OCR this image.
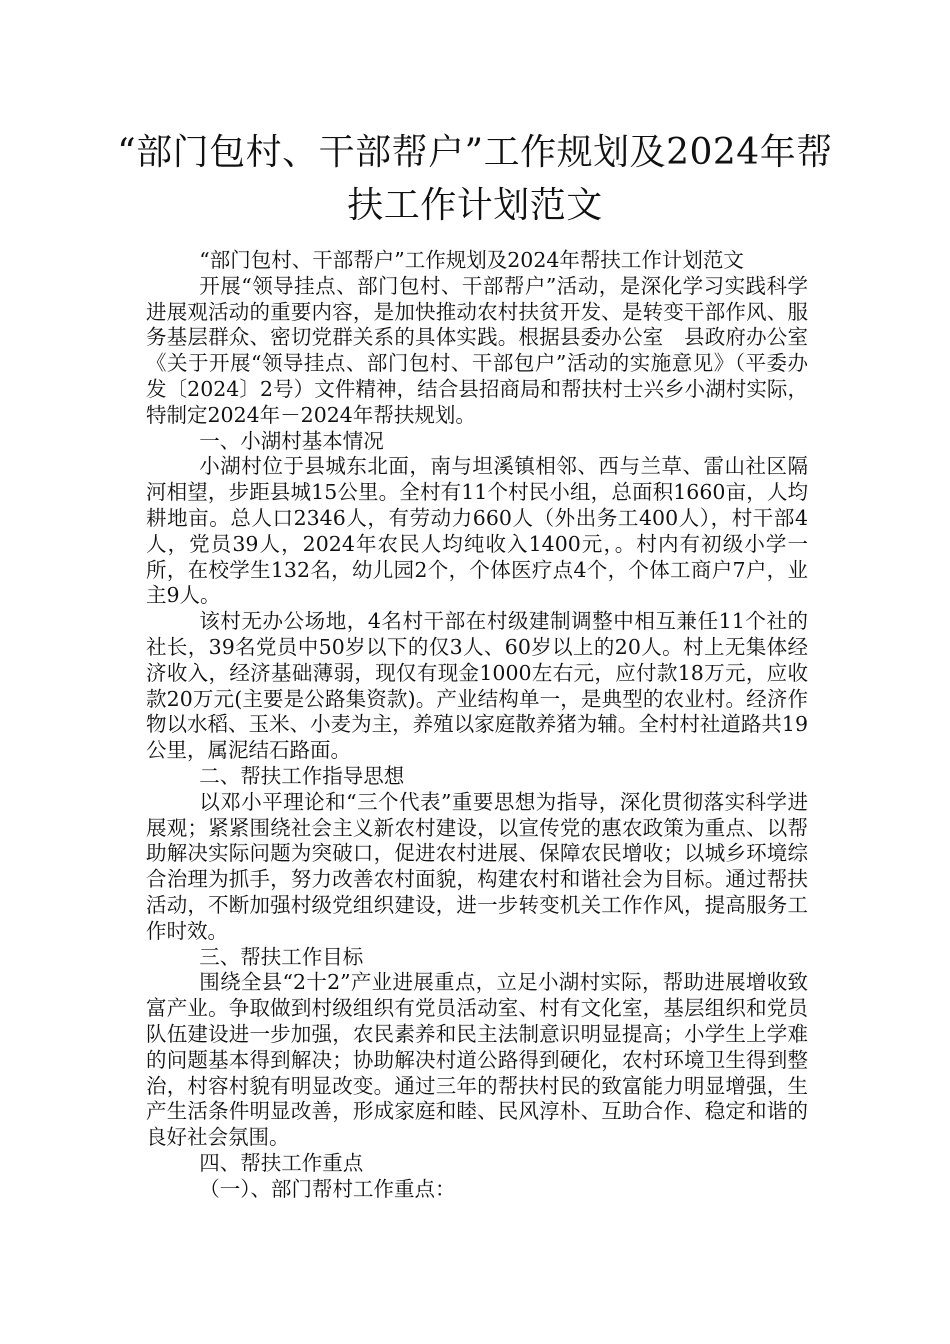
“部门包村、干部帮户”工作规划及2024年帮扶工作计划范文

“部门包村、干部帮户”工作规划及2024年帮扶工作计划范文

开展“领导挂点、部门包村、干部帮户”活动，是深化学习实践科学进展观活动的重要内容，是加快推动农村扶贫开发、是转变干部作风、服务基层群众、密切党群关系的具体实践。根据县委办公室　县政府办公室《关于开展“领导挂点、部门包村、干部包户”活动的实施意见》（平委办发〔2024〕2号）文件精神，结合县招商局和帮扶村士兴乡小湖村实际，特制定2024年－2024年帮扶规划。

一、小湖村基本情况

小湖村位于县城东北面，南与坦溪镇相邻、西与兰草、雷山社区隔河相望，步距县城15公里。全村有11个村民小组，总面积1660亩，人均耕地亩。总人口2346人，有劳动力660人（外出务工400人），村干部4人，党员39人，2024年农民人均纯收入1400元，。村内有初级小学一所，在校学生132名，幼儿园2个，个体医疗点4个，个体工商户7户，业主9人。

该村无办公场地，4名村干部在村级建制调整中相互兼任11个社的社长，39名党员中50岁以下的仅3人、60岁以上的20人。村上无集体经济收入，经济基础薄弱，现仅有现金1000左右元，应付款18万元，应收款20万元(主要是公路集资款)。产业结构单一，是典型的农业村。经济作物以水稻、玉米、小麦为主，养殖以家庭散养猪为辅。全村村社道路共19公里，属泥结石路面。

二、帮扶工作指导思想

以邓小平理论和“三个代表”重要思想为指导，深化贯彻落实科学进展观；紧紧围绕社会主义新农村建设，以宣传党的惠农政策为重点、以帮助解决实际问题为突破口，促进农村进展、保障农民增收；以城乡环境综合治理为抓手，努力改善农村面貌，构建农村和谐社会为目标。通过帮扶活动，不断加强村级党组织建设，进一步转变机关工作作风，提高服务工作时效。

三、帮扶工作目标

围绕全县“2十2”产业进展重点，立足小湖村实际，帮助进展增收致富产业。争取做到村级组织有党员活动室、村有文化室，基层组织和党员队伍建设进一步加强，农民素养和民主法制意识明显提高；小学生上学难的问题基本得到解决；协助解决村道公路得到硬化，农村环境卫生得到整治，村容村貌有明显改变。通过三年的帮扶村民的致富能力明显增强，生产生活条件明显改善，形成家庭和睦、民风淳朴、互助合作、稳定和谐的良好社会氛围。

四、帮扶工作重点

（一）、部门帮村工作重点：
